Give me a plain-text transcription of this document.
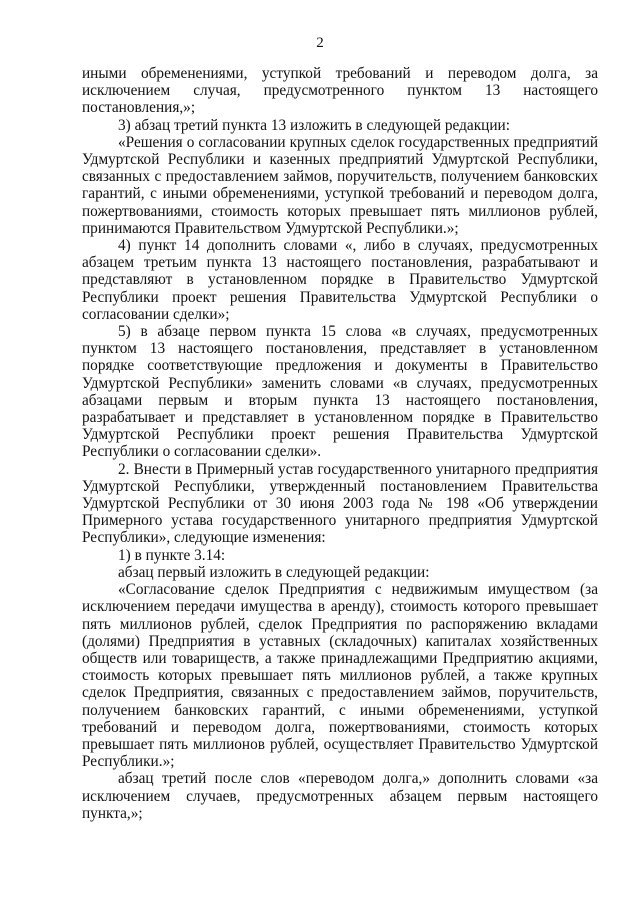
2

иными обременениями, уступкой требований и переводом долга, за исключением случая, предусмотренного пунктом 13 настоящего постановления,»;

3) абзац третий пункта 13 изложить в следующей редакции:

«Решения о согласовании крупных сделок государственных предприятий Удмуртской Республики и казенных предприятий Удмуртской Республики, связанных с предоставлением займов, поручительств, получением банковских гарантий, с иными обременениями, уступкой требований и переводом долга, пожертвованиями, стоимость которых превышает пять миллионов рублей, принимаются Правительством Удмуртской Республики.»;

4) пункт 14 дополнить словами «, либо в случаях, предусмотренных абзацем третьим пункта 13 настоящего постановления, разрабатывают и представляют в установленном порядке в Правительство Удмуртской Республики проект решения Правительства Удмуртской Республики о согласовании сделки»;

5) в абзаце первом пункта 15 слова «в случаях, предусмотренных пунктом 13 настоящего постановления, представляет в установленном порядке соответствующие предложения и документы в Правительство Удмуртской Республики» заменить словами «в случаях, предусмотренных абзацами первым и вторым пункта 13 настоящего постановления, разрабатывает и представляет в установленном порядке в Правительство Удмуртской Республики проект решения Правительства Удмуртской Республики о согласовании сделки».

2. Внести в Примерный устав государственного унитарного предприятия Удмуртской Республики, утвержденный постановлением Правительства Удмуртской Республики от 30 июня 2003 года № 198 «Об утверждении Примерного устава государственного унитарного предприятия Удмуртской Республики», следующие изменения:

1) в пункте 3.14:

абзац первый изложить в следующей редакции:

«Согласование сделок Предприятия с недвижимым имуществом (за исключением передачи имущества в аренду), стоимость которого превышает пять миллионов рублей, сделок Предприятия по распоряжению вкладами (долями) Предприятия в уставных (складочных) капиталах хозяйственных обществ или товариществ, а также принадлежащими Предприятию акциями, стоимость которых превышает пять миллионов рублей, а также крупных сделок Предприятия, связанных с предоставлением займов, поручительств, получением банковских гарантий, с иными обременениями, уступкой требований и переводом долга, пожертвованиями, стоимость которых превышает пять миллионов рублей, осуществляет Правительство Удмуртской Республики.»;

абзац третий после слов «переводом долга,» дополнить словами «за исключением случаев, предусмотренных абзацем первым настоящего пункта,»;
